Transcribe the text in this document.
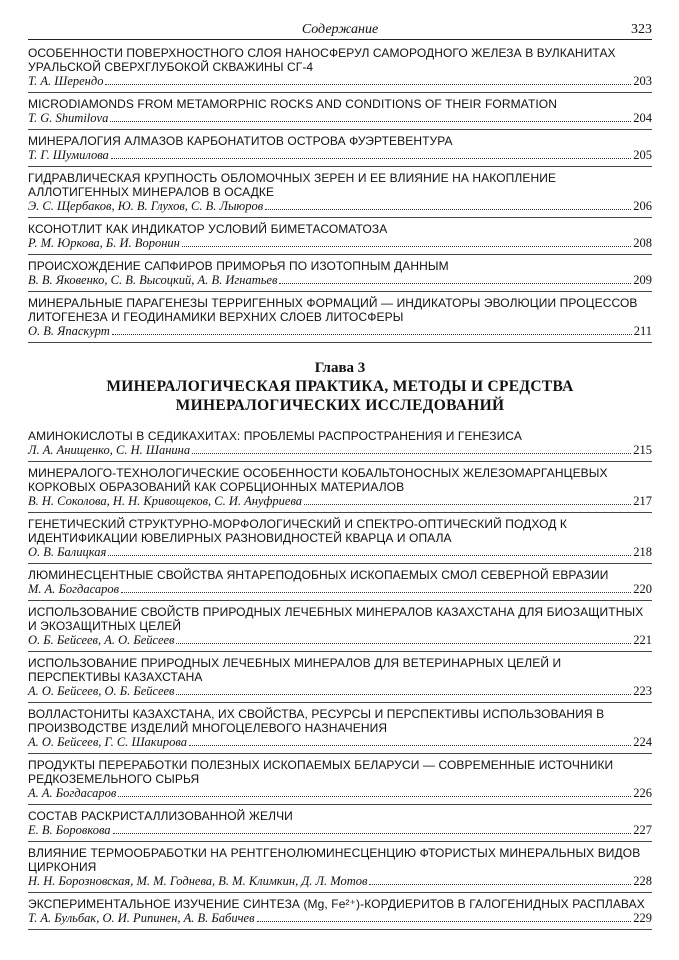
Содержание	323
ОСОБЕННОСТИ ПОВЕРХНОСТНОГО СЛОЯ НАНОСФЕРУЛ САМОРОДНОГО ЖЕЛЕЗА В ВУЛКАНИТАХ УРАЛЬСКОЙ СВЕРХГЛУБОКОЙ СКВАЖИНЫ СГ-4
Т. А. Шерендо	203
MICRODIAMONDS FROM METAMORPHIC ROCKS AND CONDITIONS OF THEIR FORMATION
T. G. Shumilova	204
МИНЕРАЛОГИЯ АЛМАЗОВ КАРБОНАТИТОВ ОСТРОВА ФУЭРТЕВЕНТУРА
Т. Г. Шумилова	205
ГИДРАВЛИЧЕСКАЯ КРУПНОСТЬ ОБЛОМОЧНЫХ ЗЕРЕН И ЕЕ ВЛИЯНИЕ НА НАКОПЛЕНИЕ АЛЛОТИГЕННЫХ МИНЕРАЛОВ В ОСАДКЕ
Э. С. Щербаков, Ю. В. Глухов, С. В. Лыюров	206
КСОНОТЛИТ КАК ИНДИКАТОР УСЛОВИЙ БИМЕТАСОМАТОЗА
Р. М. Юркова, Б. И. Воронин	208
ПРОИСХОЖДЕНИЕ САПФИРОВ ПРИМОРЬЯ ПО ИЗОТОПНЫМ ДАННЫМ
В. В. Яковенко, С. В. Высоцкий, А. В. Игнатьев	209
МИНЕРАЛЬНЫЕ ПАРАГЕНЕЗЫ ТЕРРИГЕННЫХ ФОРМАЦИЙ — ИНДИКАТОРЫ ЭВОЛЮЦИИ ПРОЦЕССОВ ЛИТОГЕНЕЗА И ГЕОДИНАМИКИ ВЕРХНИХ СЛОЕВ ЛИТОСФЕРЫ
О. В. Япаскурт	211
Глава 3
МИНЕРАЛОГИЧЕСКАЯ ПРАКТИКА, МЕТОДЫ И СРЕДСТВА
МИНЕРАЛОГИЧЕСКИХ ИССЛЕДОВАНИЙ
АМИНОКИСЛОТЫ В СЕДИКАХИТАХ: ПРОБЛЕМЫ РАСПРОСТРАНЕНИЯ И ГЕНЕЗИСА
Л. А. Анищенко, С. Н. Шанина	215
МИНЕРАЛОГО-ТЕХНОЛОГИЧЕСКИЕ ОСОБЕННОСТИ КОБАЛЬТОНОСНЫХ ЖЕЛЕЗОМАРГАНЦЕВЫХ КОРКОВЫХ ОБРАЗОВАНИЙ КАК СОРБЦИОННЫХ МАТЕРИАЛОВ
В. Н. Соколова, Н. Н. Кривощеков, С. И. Ануфриева	217
ГЕНЕТИЧЕСКИЙ СТРУКТУРНО-МОРФОЛОГИЧЕСКИЙ И СПЕКТРО-ОПТИЧЕСКИЙ ПОДХОД К ИДЕНТИФИКАЦИИ ЮВЕЛИРНЫХ РАЗНОВИДНОСТЕЙ КВАРЦА И ОПАЛА
О. В. Балицкая	218
ЛЮМИНЕСЦЕНТНЫЕ СВОЙСТВА ЯНТАРЕПОДОБНЫХ ИСКОПАЕМЫХ СМОЛ СЕВЕРНОЙ ЕВРАЗИИ
М. А. Богдасаров	220
ИСПОЛЬЗОВАНИЕ СВОЙСТВ ПРИРОДНЫХ ЛЕЧЕБНЫХ МИНЕРАЛОВ КАЗАХСТАНА ДЛЯ БИОЗАЩИТНЫХ И ЭКОЗАЩИТНЫХ ЦЕЛЕЙ
О. Б. Бейсеев, А. О. Бейсеев	221
ИСПОЛЬЗОВАНИЕ ПРИРОДНЫХ ЛЕЧЕБНЫХ МИНЕРАЛОВ ДЛЯ ВЕТЕРИНАРНЫХ ЦЕЛЕЙ И ПЕРСПЕКТИВЫ КАЗАХСТАНА
А. О. Бейсеев, О. Б. Бейсеев	223
ВОЛЛАСТОНИТЫ КАЗАХСТАНА, ИХ СВОЙСТВА, РЕСУРСЫ И ПЕРСПЕКТИВЫ ИСПОЛЬЗОВАНИЯ В ПРОИЗВОДСТВЕ ИЗДЕЛИЙ МНОГОЦЕЛЕВОГО НАЗНАЧЕНИЯ
А. О. Бейсеев, Г. С. Шакирова	224
ПРОДУКТЫ ПЕРЕРАБОТКИ ПОЛЕЗНЫХ ИСКОПАЕМЫХ БЕЛАРУСИ — СОВРЕМЕННЫЕ ИСТОЧНИКИ РЕДКОЗЕМЕЛЬНОГО СЫРЬЯ
А. А. Богдасаров	226
СОСТАВ РАСКРИСТАЛЛИЗОВАННОЙ ЖЕЛЧИ
Е. В. Боровкова	227
ВЛИЯНИЕ ТЕРМООБРАБОТКИ НА РЕНТГЕНОЛЮМИНЕСЦЕНЦИЮ ФТОРИСТЫХ МИНЕРАЛЬНЫХ ВИДОВ ЦИРКОНИЯ
Н. Н. Борозновская, М. М. Годнева, В. М. Климкин, Д. Л. Мотов	228
ЭКСПЕРИМЕНТАЛЬНОЕ ИЗУЧЕНИЕ СИНТЕЗА (Mg, Fe²⁺)-КОРДИЕРИТОВ В ГАЛОГЕНИДНЫХ РАСПЛАВАХ
Т. А. Бульбак, О. И. Рипинен, А. В. Бабичев	229
